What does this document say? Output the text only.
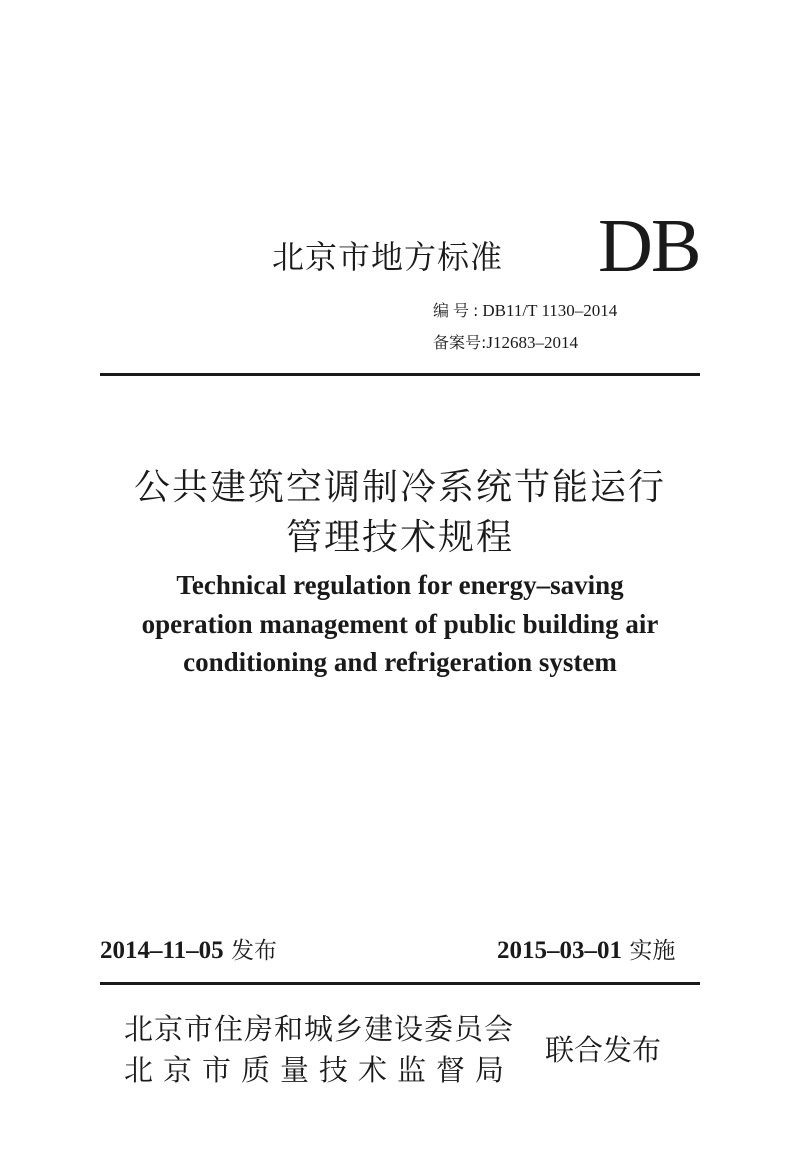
北京市地方标准 DB
编号:DB11/T 1130–2014
备案号:J12683–2014
公共建筑空调制冷系统节能运行
管理技术规程
Technical regulation for energy–saving
operation management of public building air
conditioning and refrigeration system
2014–11–05 发布	2015–03–01 实施
北京市住房和城乡建设委员会
北京市质量技术监督局
联合发布
